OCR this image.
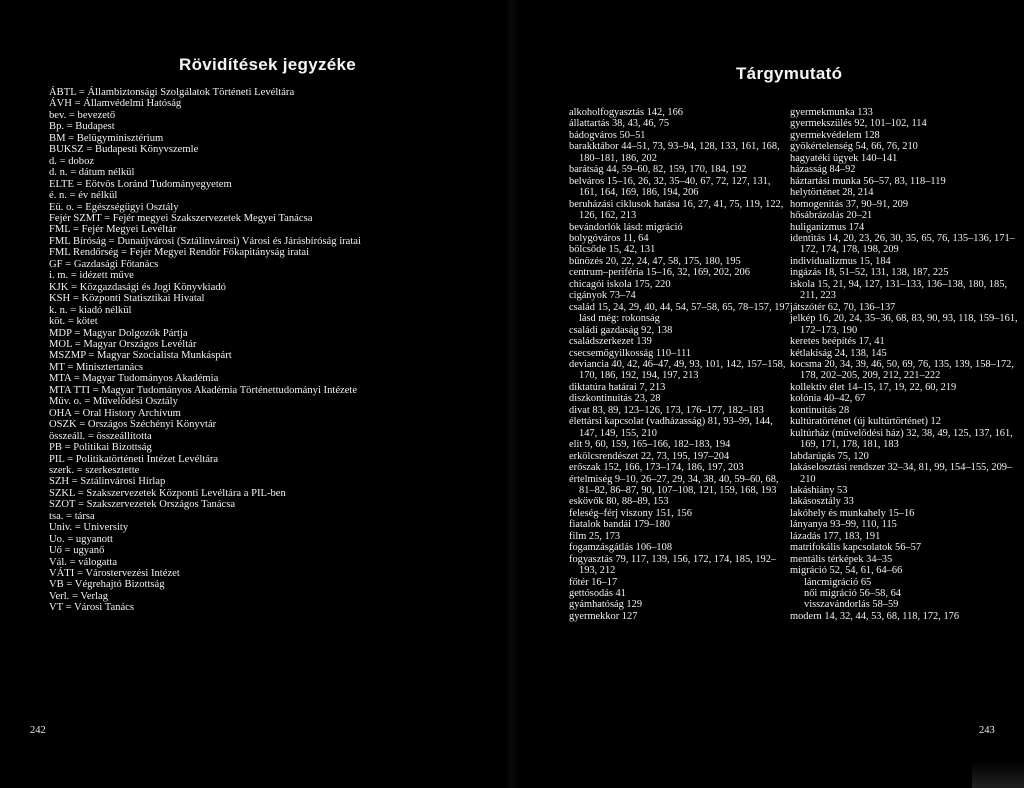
Rövidítések jegyzéke
ÁBTL = Állambiztonsági Szolgálatok Történeti Levéltára
ÁVH = Államvédelmi Hatóság
bev. = bevezető
Bp. = Budapest
BM = Belügyminisztérium
BUKSZ = Budapesti Könyvszemle
d. = doboz
d. n. = dátum nélkül
ELTE = Eötvös Loránd Tudományegyetem
é. n. = év nélkül
Eü. o. = Egészségügyi Osztály
Fejér SZMT = Fejér megyei Szakszervezetek Megyei Tanácsa
FML = Fejér Megyei Levéltár
FML Bíróság = Dunaújvárosi (Sztálinvárosi) Városi és Járásbíróság iratai
FML Rendőrség = Fejér Megyei Rendőr Főkapitányság iratai
GF = Gazdasági Főtanács
i. m. = idézett műve
KJK = Közgazdasági és Jogi Könyvkiadó
KSH = Központi Statisztikai Hivatal
k. n. = kiadó nélkül
köt. = kötet
MDP = Magyar Dolgozók Pártja
MOL = Magyar Országos Levéltár
MSZMP = Magyar Szocialista Munkáspárt
MT = Minisztertanács
MTA = Magyar Tudományos Akadémia
MTA TTI = Magyar Tudományos Akadémia Történettudományi Intézete
Műv. o. = Művelődési Osztály
OHA = Oral History Archívum
OSZK = Országos Széchényi Könyvtár
összeáll. = összeállította
PB = Politikai Bizottság
PIL = Politikatörténeti Intézet Levéltára
szerk. = szerkesztette
SZH = Sztálinvárosi Hírlap
SZKL = Szakszervezetek Központi Levéltára a PIL-ben
SZOT = Szakszervezetek Országos Tanácsa
tsa. = társa
Univ. = University
Uo. = ugyanott
Uő = ugyanő
Vál. = válogatta
VÁTI = Várostervezési Intézet
VB = Végrehajtó Bizottság
Verl. = Verlag
VT = Városi Tanács
242
Tárgymutató
alkoholfogyasztás 142, 166
állattartás 38, 43, 46, 75
bádogváros 50–51
barakktábor 44–51, 73, 93–94, 128, 133, 161, 168, 180–181, 186, 202
barátság 44, 59–60, 82, 159, 170, 184, 192
belváros 15–16, 26, 32, 35–40, 67, 72, 127, 131, 161, 164, 169, 186, 194, 206
beruházási ciklusok hatása 16, 27, 41, 75, 119, 122, 126, 162, 213
bevándorlók lásd: migráció
bolygóváros 11, 64
bölcsőde 15, 42, 131
bűnözés 20, 22, 24, 47, 58, 175, 180, 195
centrum–periféria 15–16, 32, 169, 202, 206
chicagói iskola 175, 220
cigányok 73–74
család 15, 24, 29, 40, 44, 54, 57–58, 65, 78–157, 197 lásd még: rokonság
családi gazdaság 92, 138
családszerkezet 139
csecsemőgyilkosság 110–111
deviancia 40, 42, 46–47, 49, 93, 101, 142, 157–158, 170, 186, 192, 194, 197, 213
diktatúra határai 7, 213
diszkontinuitás 23, 28
divat 83, 89, 123–126, 173, 176–177, 182–183
élettársi kapcsolat (vadházasság) 81, 93–99, 144, 147, 149, 155, 210
elit 9, 60, 159, 165–166, 182–183, 194
erkölcsrendészet 22, 73, 195, 197–204
erőszak 152, 166, 173–174, 186, 197, 203
értelmiség 9–10, 26–27, 29, 34, 38, 40, 59–60, 68, 81–82, 86–87, 90, 107–108, 121, 159, 168, 193
eskövők 80, 88–89, 153
feleség–férj viszony 151, 156
fiatalok bandái 179–180
film 25, 173
fogamzásgátlás 106–108
fogyasztás 79, 117, 139, 156, 172, 174, 185, 192–193, 212
főtér 16–17
gettósodás 41
gyámhatóság 129
gyermekkor 127
gyermekmunka 133
gyermekszülés 92, 101–102, 114
gyermekvédelem 128
gyökértelenség 54, 66, 76, 210
hagyatéki ügyek 140–141
házasság 84–92
háztartási munka 56–57, 83, 118–119
helytörténet 28, 214
homogenitás 37, 90–91, 209
hősábrázolás 20–21
huliganizmus 174
identitás 14, 20, 23, 26, 30, 35, 65, 76, 135–136, 171–172, 174, 178, 198, 209
individualizmus 15, 184
ingázás 18, 51–52, 131, 138, 187, 225
iskola 15, 21, 94, 127, 131–133, 136–138, 180, 185, 211, 223
játszótér 62, 70, 136–137
jelkép 16, 20, 24, 35–36, 68, 83, 90, 93, 118, 159–161, 172–173, 190
keretes beépítés 17, 41
kétlakiság 24, 138, 145
kocsma 20, 34, 39, 46, 50, 69, 76, 135, 139, 158–172, 178, 202–205, 209, 212, 221–222
kollektív élet 14–15, 17, 19, 22, 60, 219
kolónia 40–42, 67
kontinuitás 28
kultúratörténet (új kultúrtörténet) 12
kultúrház (művelődési ház) 32, 38, 49, 125, 137, 161, 169, 171, 178, 181, 183
labdarúgás 75, 120
lakáselosztási rendszer 32–34, 81, 99, 154–155, 209–210
lakáshiány 53
lakásosztály 33
lakóhely és munkahely 15–16
lányanya 93–99, 110, 115
lázadás 177, 183, 191
matrifokális kapcsolatok 56–57
mentális térképek 34–35
migráció 52, 54, 61, 64–66
láncmigráció 65
női migráció 56–58, 64
visszavándorlás 58–59
modern 14, 32, 44, 53, 68, 118, 172, 176
243
